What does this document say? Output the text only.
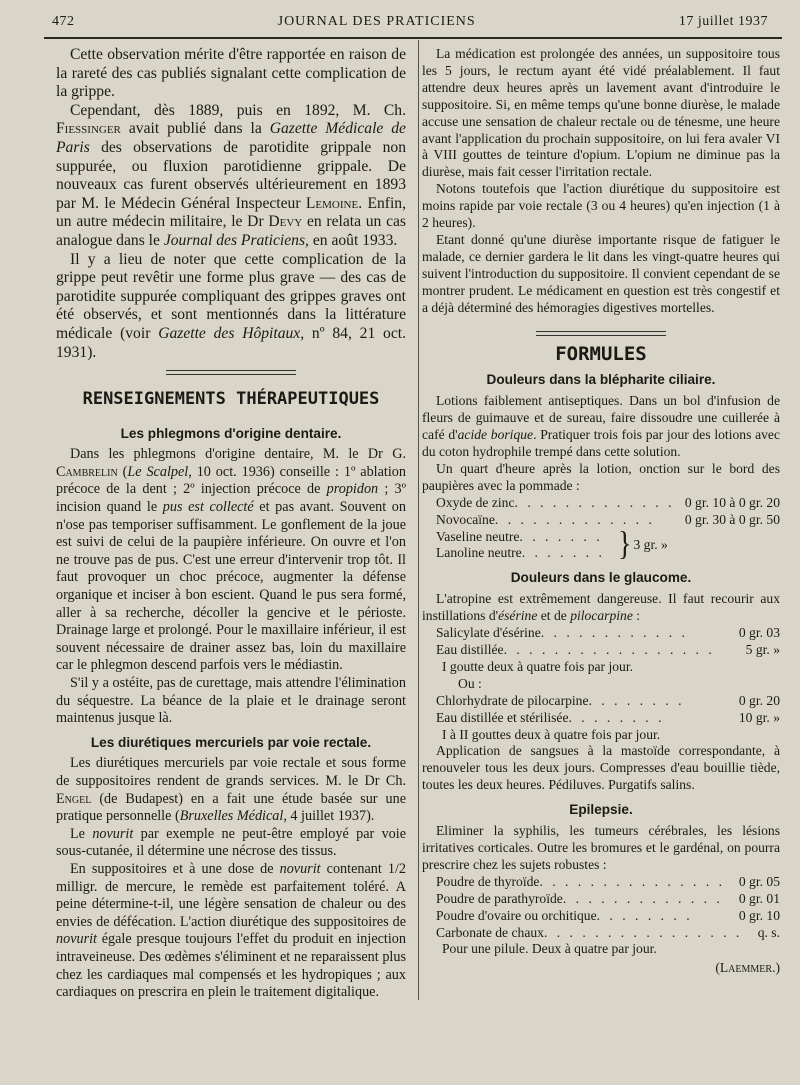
472	JOURNAL DES PRATICIENS	17 juillet 1937

Cette observation mérite d'être rapportée en raison de la rareté des cas publiés signalant cette complication de la grippe.

Cependant, dès 1889, puis en 1892, M. Ch. Fiessinger avait publié dans la Gazette Médicale de Paris des observations de parotidite grippale non suppurée, ou fluxion parotidienne grippale. De nouveaux cas furent observés ultérieurement en 1893 par M. le Médecin Général Inspecteur Lemoine. Enfin, un autre médecin militaire, le Dr Devy en relata un cas analogue dans le Journal des Praticiens, en août 1933.

Il y a lieu de noter que cette complication de la grippe peut revêtir une forme plus grave — des cas de parotidite suppurée compliquant des grippes graves ont été observés, et sont mentionnés dans la littérature médicale (voir Gazette des Hôpitaux, nº 84, 21 oct. 1931).

RENSEIGNEMENTS THÉRAPEUTIQUES
Les phlegmons d'origine dentaire.

Dans les phlegmons d'origine dentaire, M. le Dr G. Cambrelin (Le Scalpel, 10 oct. 1936) conseille : 1º ablation précoce de la dent ; 2º injection précoce de propidon ; 3º incision quand le pus est collecté et pas avant. Souvent on n'ose pas temporiser suffisamment. Le gonflement de la joue est suivi de celui de la paupière inférieure. On ouvre et l'on ne trouve pas de pus. C'est une erreur d'intervenir trop tôt. Il faut provoquer un choc précoce, augmenter la défense organique et inciser à bon escient. Quand le pus sera formé, aller à sa recherche, décoller la gencive et le périoste. Drainage large et prolongé. Pour le maxillaire inférieur, il est souvent nécessaire de drainer assez bas, loin du maxillaire car le phlegmon descend parfois vers le médiastin.

S'il y a ostéite, pas de curettage, mais attendre l'élimination du séquestre. La béance de la plaie et le drainage seront maintenus jusque là.

Les diurétiques mercuriels par voie rectale.

Les diurétiques mercuriels par voie rectale et sous forme de suppositoires rendent de grands services. M. le Dr Ch. Engel (de Budapest) en a fait une étude basée sur une pratique personnelle (Bruxelles Médical, 4 juillet 1937).

Le novurit par exemple ne peut-être employé par voie sous-cutanée, il détermine une nécrose des tissus.

En suppositoires et à une dose de novurit contenant 1/2 milligr. de mercure, le remède est parfaitement toléré. A peine détermine-t-il, une légère sensation de chaleur ou des envies de défécation. L'action diurétique des suppositoires de novurit égale presque toujours l'effet du produit en injection intraveineuse. Des œdèmes s'éliminent et ne reparaissent plus chez les cardiaques mal compensés et les hydropiques ; aux cardiaques on prescrira en plein le traitement digitalique.

La médication est prolongée des années, un suppositoire tous les 5 jours, le rectum ayant été vidé préalablement. Il faut attendre deux heures après un lavement avant d'introduire le suppositoire. Si, en même temps qu'une bonne diurèse, le malade accuse une sensation de chaleur rectale ou de ténesme, une heure avant l'application du prochain suppositoire, on lui fera avaler VI à VIII gouttes de teinture d'opium. L'opium ne diminue pas la diurèse, mais fait cesser l'irritation rectale.

Notons toutefois que l'action diurétique du suppositoire est moins rapide par voie rectale (3 ou 4 heures) qu'en injection (1 à 2 heures).

Etant donné qu'une diurèse importante risque de fatiguer le malade, ce dernier gardera le lit dans les vingt-quatre heures qui suivent l'introduction du suppositoire. Il convient cependant de se montrer prudent. Le médicament en question est très congestif et a déjà déterminé des hémoragies digestives mortelles.

FORMULES
Douleurs dans la blépharite ciliaire.

Lotions faiblement antiseptiques. Dans un bol d'infusion de fleurs de guimauve et de sureau, faire dissoudre une cuillerée à café d'acide borique. Pratiquer trois fois par jour des lotions avec du coton hydrophile trempé dans cette solution.

Un quart d'heure après la lotion, onction sur le bord des paupières avec la pommade :

Oxyde de zinc . . . . . . . . . . . . . 0 gr. 10 à 0 gr. 20
Novocaïne . . . . . . . . . . . . .	0 gr. 30 à 0 gr. 50
Vaseline neutre . . . . . . .
Lanoline neutre . . . . . . . } 3 gr. »
Douleurs dans le glaucome.

L'atropine est extrêmement dangereuse. Il faut recourir aux instillations d'ésérine et de pilocarpine :

Salicylate d'ésérine . . . . . . . . . . . .	0 gr. 03
Eau distillée . . . . . . . . . . . . . . . . .	5 gr. »
I goutte deux à quatre fois par jour.
Ou :
Chlorhydrate de pilocarpine . . . . . . . .	0 gr. 20
Eau distillée et stérilisée . . . . . . . .	10 gr. »
I à II gouttes deux à quatre fois par jour.

Application de sangsues à la mastoïde correspondante, à renouveler tous les deux jours. Compresses d'eau bouillie tiède, toutes les deux heures. Pédiluves. Purgatifs salins.

Epilepsie.

Eliminer la syphilis, les tumeurs cérébrales, les lésions irritatives corticales. Outre les bromures et le gardénal, on pourra prescrire chez les sujets robustes :

Poudre de thyroïde . . . . . . . . . . . . . . .	0 gr. 05
Poudre de parathyroïde . . . . . . . . . . . . .	0 gr. 01
Poudre d'ovaire ou orchitique . . . . . . . .	0 gr. 10
Carbonate de chaux . . . . . . . . . . . . . . . .	q. s.
Pour une pilule. Deux à quatre par jour.
(Laemmer.)
